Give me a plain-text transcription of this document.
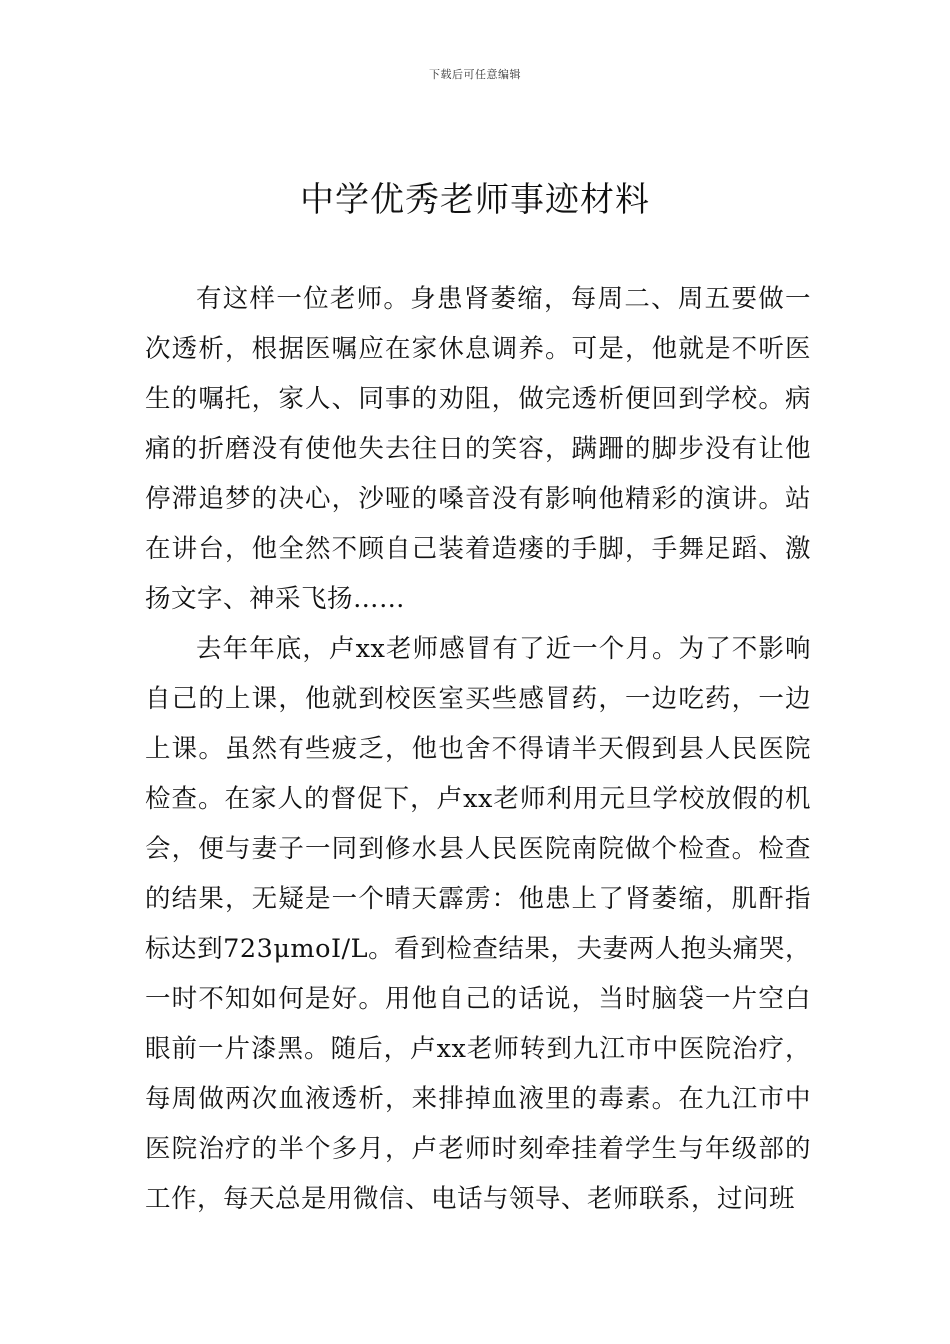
下载后可任意编辑
中学优秀老师事迹材料

有这样一位老师。身患肾萎缩，每周二、周五要做一次透析，根据医嘱应在家休息调养。可是，他就是不听医生的嘱托，家人、同事的劝阻，做完透析便回到学校。病痛的折磨没有使他失去往日的笑容，蹒跚的脚步没有让他停滞追梦的决心，沙哑的嗓音没有影响他精彩的演讲。站在讲台，他全然不顾自己装着造瘘的手脚，手舞足蹈、激扬文字、神采飞扬……

去年年底，卢xx老师感冒有了近一个月。为了不影响自己的上课，他就到校医室买些感冒药，一边吃药，一边上课。虽然有些疲乏，他也舍不得请半天假到县人民医院检查。在家人的督促下，卢xx老师利用元旦学校放假的机会，便与妻子一同到修水县人民医院南院做个检查。检查的结果，无疑是一个晴天霹雳：他患上了肾萎缩，肌酐指标达到723μmoI/L。看到检查结果，夫妻两人抱头痛哭，一时不知如何是好。用他自己的话说，当时脑袋一片空白眼前一片漆黑。随后，卢xx老师转到九江市中医院治疗，每周做两次血液透析，来排掉血液里的毒素。在九江市中医院治疗的半个多月，卢老师时刻牵挂着学生与年级部的工作，每天总是用微信、电话与领导、老师联系，过问班
